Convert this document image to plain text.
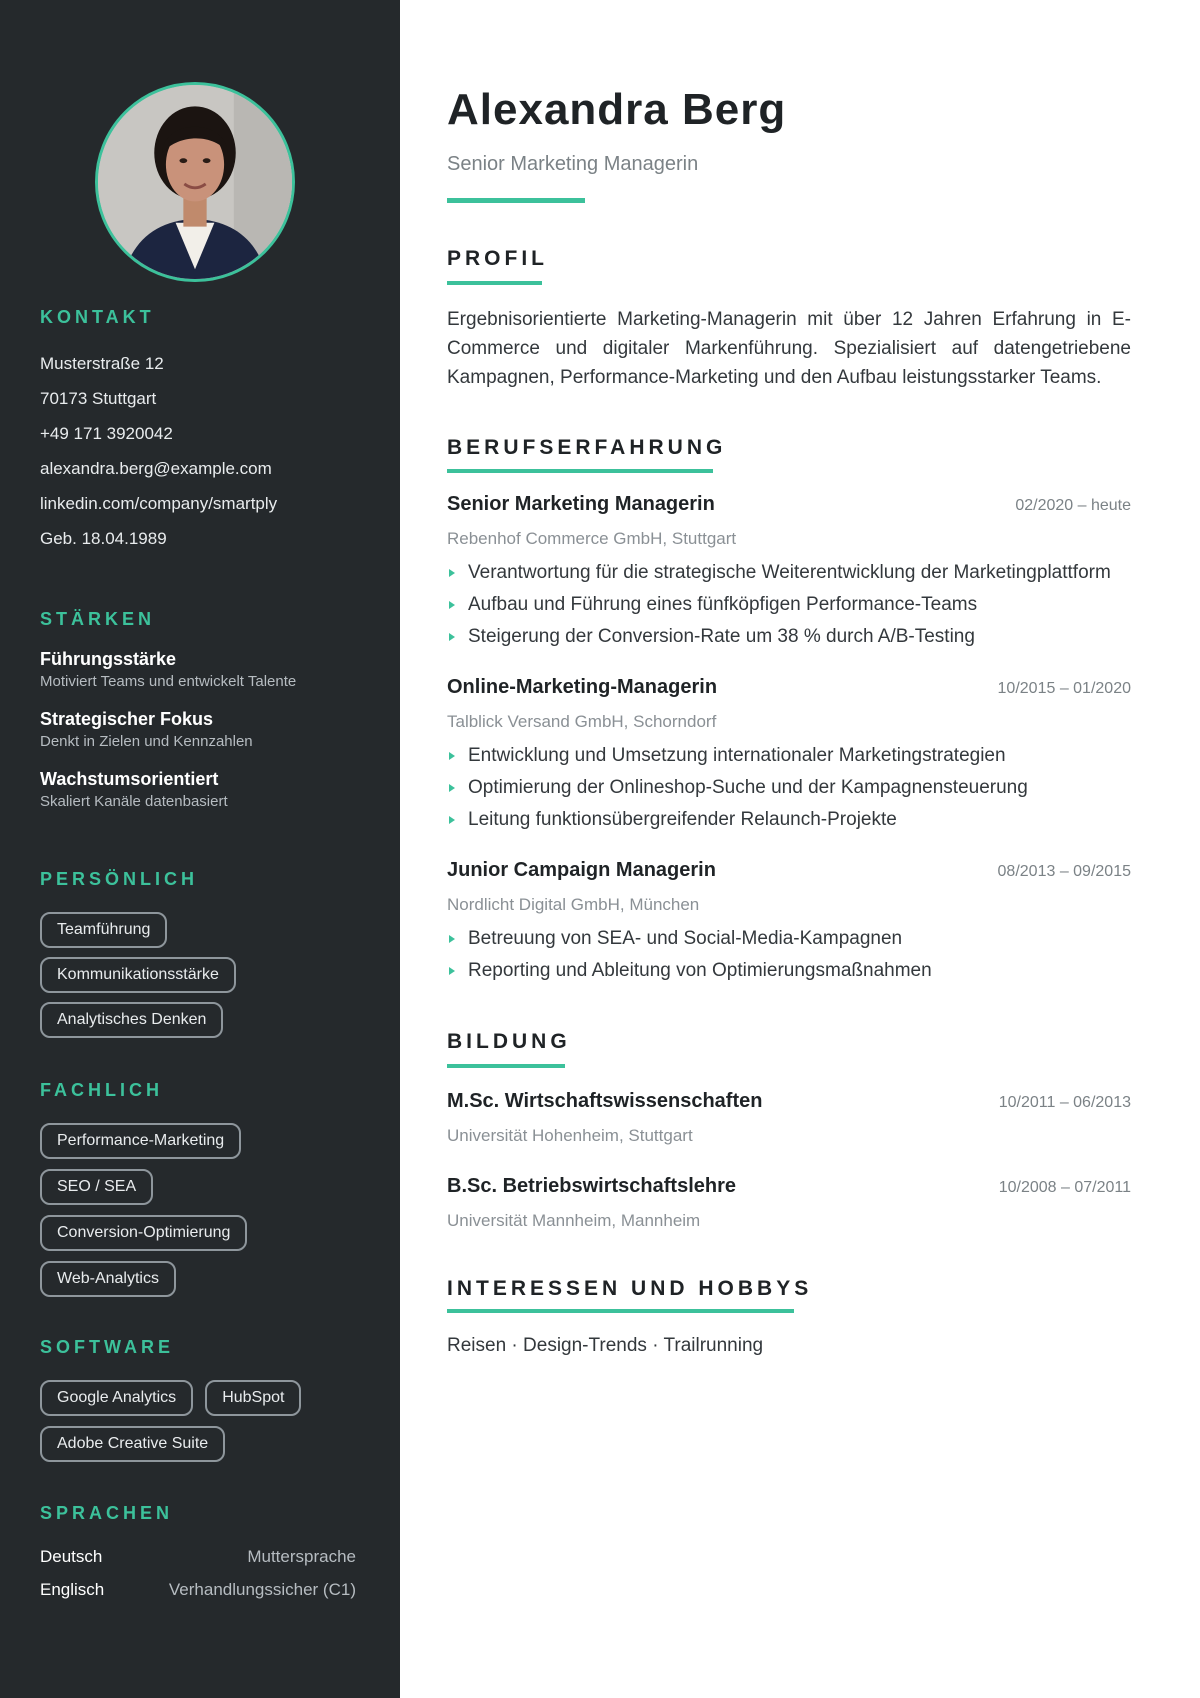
KONTAKT
Musterstraße 12
70173 Stuttgart
+49 171 3920042
alexandra.berg@example.com
linkedin.com/company/smartply
Geb. 18.04.1989
STÄRKEN
Führungsstärke
Motiviert Teams und entwickelt Talente
Strategischer Fokus
Denkt in Zielen und Kennzahlen
Wachstumsorientiert
Skaliert Kanäle datenbasiert
PERSÖNLICH
Teamführung
Kommunikationsstärke
Analytisches Denken
FACHLICH
Performance-Marketing
SEO / SEA
Conversion-Optimierung
Web-Analytics
SOFTWARE
Google Analytics	HubSpot
Adobe Creative Suite
SPRACHEN
Deutsch	Muttersprache
Englisch	Verhandlungssicher (C1)
Alexandra Berg
Senior Marketing Managerin
PROFIL

Ergebnisorientierte Marketing-Managerin mit über 12 Jahren Erfahrung in E-Commerce und digitaler Markenführung. Spezialisiert auf datengetriebene Kampagnen, Performance-Marketing und den Aufbau leistungsstarker Teams.

BERUFSERFAHRUNG
Senior Marketing Managerin	02/2020 – heute
Rebenhof Commerce GmbH, Stuttgart
Verantwortung für die strategische Weiterentwicklung der Marketingplattform
Aufbau und Führung eines fünfköpfigen Performance-Teams
Steigerung der Conversion-Rate um 38 % durch A/B-Testing
Online-Marketing-Managerin	10/2015 – 01/2020
Talblick Versand GmbH, Schorndorf
Entwicklung und Umsetzung internationaler Marketingstrategien
Optimierung der Onlineshop-Suche und der Kampagnensteuerung
Leitung funktionsübergreifender Relaunch-Projekte
Junior Campaign Managerin	08/2013 – 09/2015
Nordlicht Digital GmbH, München
Betreuung von SEA- und Social-Media-Kampagnen
Reporting und Ableitung von Optimierungsmaßnahmen
BILDUNG
M.Sc. Wirtschaftswissenschaften	10/2011 – 06/2013
Universität Hohenheim, Stuttgart
B.Sc. Betriebswirtschaftslehre	10/2008 – 07/2011
Universität Mannheim, Mannheim
INTERESSEN UND HOBBYS
Reisen · Design-Trends · Trailrunning
